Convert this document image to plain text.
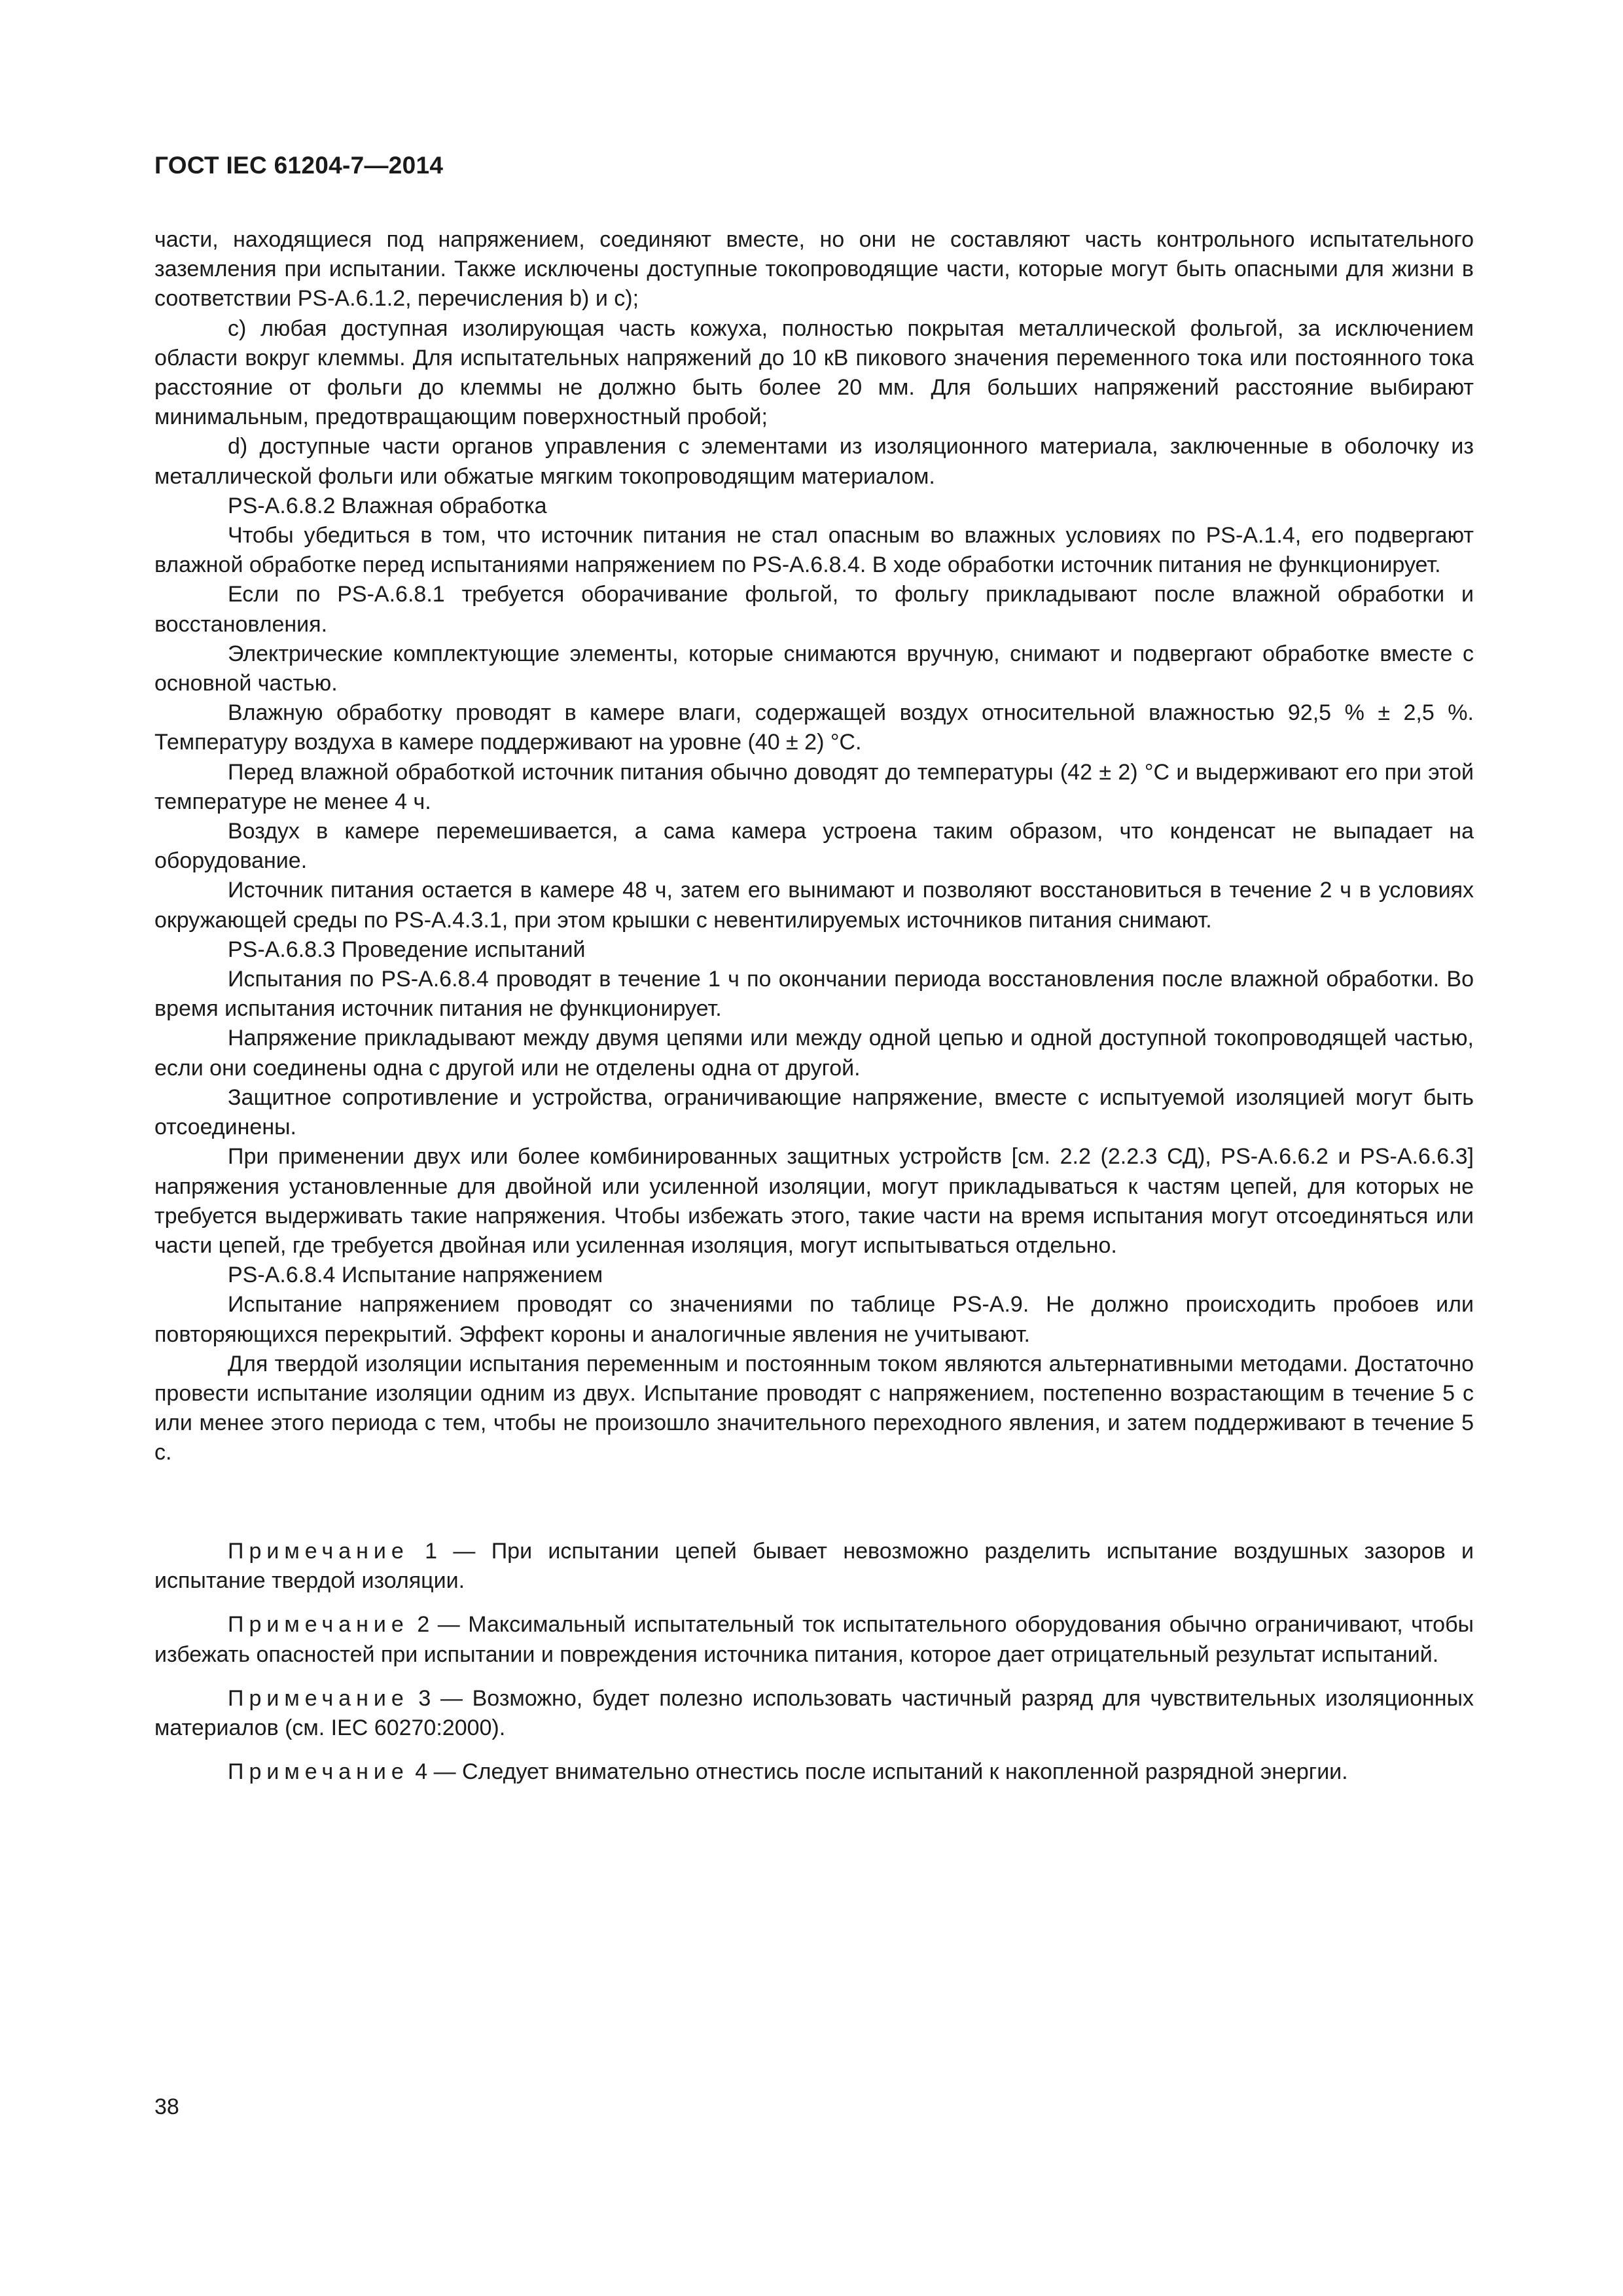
ГОСТ IEC 61204-7—2014

части, находящиеся под напряжением, соединяют вместе, но они не составляют часть контрольного испытательного заземления при испытании. Также исключены доступные токопроводящие части, которые могут быть опасными для жизни в соответствии PS-A.6.1.2, перечисления b) и c);

c) любая доступная изолирующая часть кожуха, полностью покрытая металлической фольгой, за исключением области вокруг клеммы. Для испытательных напряжений до 10 кВ пикового значения переменного тока или постоянного тока расстояние от фольги до клеммы не должно быть более 20 мм. Для больших напряжений расстояние выбирают минимальным, предотвращающим поверхностный пробой;

d) доступные части органов управления с элементами из изоляционного материала, заключенные в оболочку из металлической фольги или обжатые мягким токопроводящим материалом.

PS-A.6.8.2 Влажная обработка

Чтобы убедиться в том, что источник питания не стал опасным во влажных условиях по PS-A.1.4, его подвергают влажной обработке перед испытаниями напряжением по PS-A.6.8.4. В ходе обработки источник питания не функционирует.

Если по PS-A.6.8.1 требуется оборачивание фольгой, то фольгу прикладывают после влажной обработки и восстановления.

Электрические комплектующие элементы, которые снимаются вручную, снимают и подвергают обработке вместе с основной частью.

Влажную обработку проводят в камере влаги, содержащей воздух относительной влажностью 92,5 % ± 2,5 %. Температуру воздуха в камере поддерживают на уровне (40 ± 2) °С.

Перед влажной обработкой источник питания обычно доводят до температуры (42 ± 2) °С и выдерживают его при этой температуре не менее 4 ч.

Воздух в камере перемешивается, а сама камера устроена таким образом, что конденсат не выпадает на оборудование.

Источник питания остается в камере 48 ч, затем его вынимают и позволяют восстановиться в течение 2 ч в условиях окружающей среды по PS-A.4.3.1, при этом крышки с невентилируемых источников питания снимают.

PS-A.6.8.3 Проведение испытаний

Испытания по PS-A.6.8.4 проводят в течение 1 ч по окончании периода восстановления после влажной обработки. Во время испытания источник питания не функционирует.

Напряжение прикладывают между двумя цепями или между одной цепью и одной доступной токопроводящей частью, если они соединены одна с другой или не отделены одна от другой.

Защитное сопротивление и устройства, ограничивающие напряжение, вместе с испытуемой изоляцией могут быть отсоединены.

При применении двух или более комбинированных защитных устройств [см. 2.2 (2.2.3 СД), PS-A.6.6.2 и PS-A.6.6.3] напряжения установленные для двойной или усиленной изоляции, могут прикладываться к частям цепей, для которых не требуется выдерживать такие напряжения. Чтобы избежать этого, такие части на время испытания могут отсоединяться или части цепей, где требуется двойная или усиленная изоляция, могут испытываться отдельно.

PS-A.6.8.4 Испытание напряжением

Испытание напряжением проводят со значениями по таблице PS-A.9. Не должно происходить пробоев или повторяющихся перекрытий. Эффект короны и аналогичные явления не учитывают.

Для твердой изоляции испытания переменным и постоянным током являются альтернативными методами. Достаточно провести испытание изоляции одним из двух. Испытание проводят с напряжением, постепенно возрастающим в течение 5 с или менее этого периода с тем, чтобы не произошло значительного переходного явления, и затем поддерживают в течение 5 с.

Примечание 1 — При испытании цепей бывает невозможно разделить испытание воздушных зазоров и испытание твердой изоляции.

Примечание 2 — Максимальный испытательный ток испытательного оборудования обычно ограничивают, чтобы избежать опасностей при испытании и повреждения источника питания, которое дает отрицательный результат испытаний.

Примечание 3 — Возможно, будет полезно использовать частичный разряд для чувствительных изоляционных материалов (см. IEC 60270:2000).

Примечание 4 — Следует внимательно отнестись после испытаний к накопленной разрядной энергии.

38
